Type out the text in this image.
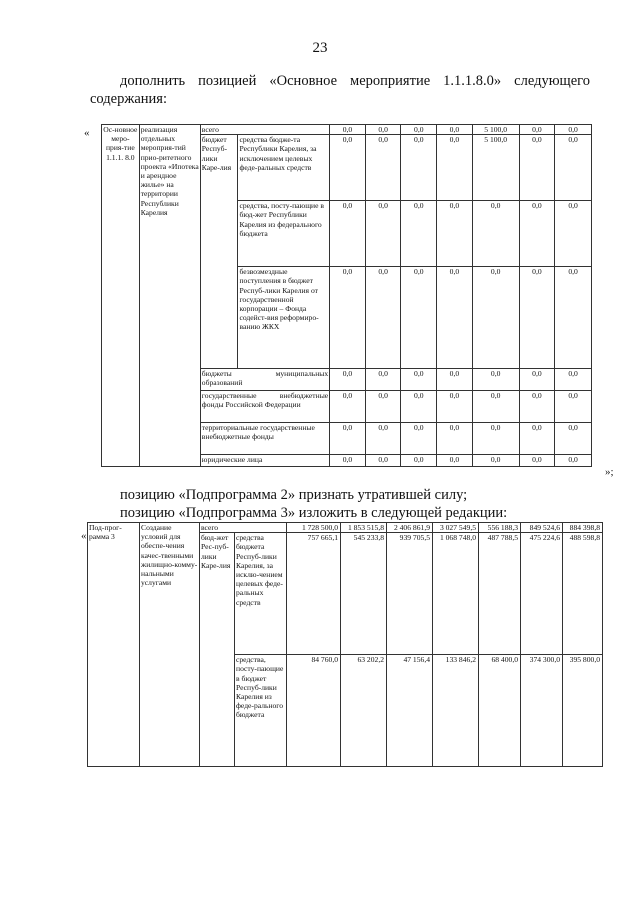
23
дополнить позицией «Основное мероприятие 1.1.1.8.0» следующего содержания:
« Ос-новное меро-прия-тие 1.1.1. 8.0	реализация отдельных мероприя-тий прио-ритетного проекта «Ипотека и арендное жилье» на территории Республики Карелия	всего		0,0	0,0	0,0	0,0	5 100,0	0,0	0,0
		бюджет Респуб-лики Каре-лия	средства бюдже-та Республики Карелия, за исключением целевых феде-ральных средств	0,0	0,0	0,0	0,0	5 100,0	0,0	0,0
			средства, посту-пающие в бюд-жет Республики Карелия из федерального бюджета	0,0	0,0	0,0	0,0	0,0	0,0	0,0
			безвозмездные поступления в бюджет Респуб-лики Карелия от государственной корпорации – Фонда содейст-вия реформиро-ванию ЖКХ	0,0	0,0	0,0	0,0	0,0	0,0	0,0
		бюджеты муниципальных образований		0,0	0,0	0,0	0,0	0,0	0,0	0,0
		государственные внебюджетные фонды Российской Федерации		0,0	0,0	0,0	0,0	0,0	0,0	0,0
		территориальные государственные внебюджетные фонды		0,0	0,0	0,0	0,0	0,0	0,0	0,0
		юридические лица		0,0	0,0	0,0	0,0	0,0	0,0	0,0
»;
позицию «Подпрограмма 2» признать утратившей силу;
позицию «Подпрограмма 3» изложить в следующей редакции:
«
Под-прог-рамма 3	Создание условий для обеспе-чения качес-твенными жилищно-комму-нальными услугами	всего		1 728 500,0	1 853 515,8	2 406 861,9	3 027 549,5	556 188,3	849 524,6	884 398,8
		бюд-жет Рес-пуб-лики Каре-лия	средства бюджета Респуб-лики Карелия, за исклю-чением целевых феде-ральных средств	757 665,1	545 233,8	939 705,5	1 068 748,0	487 788,5	475 224,6	488 598,8
			средства, посту-пающие в бюджет Респуб-лики Карелия из феде-рального бюджета	84 760,0	63 202,2	47 156,4	133 846,2	68 400,0	374 300,0	395 800,0
